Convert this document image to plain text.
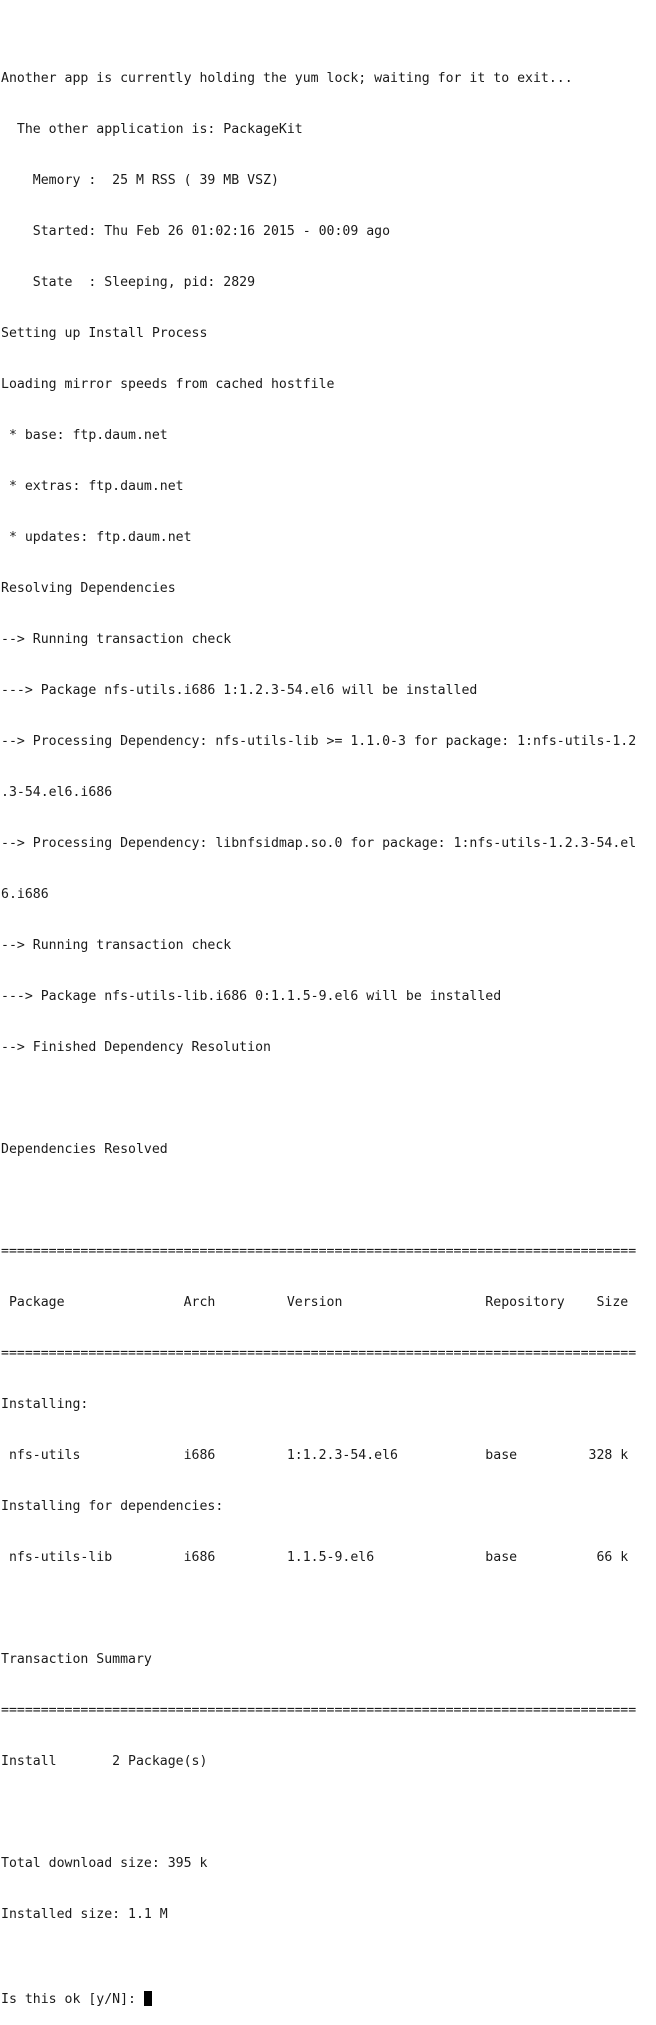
Another app is currently holding the yum lock; waiting for it to exit...

The other application is: PackageKit

Memory :  25 M RSS ( 39 MB VSZ)

Started: Thu Feb 26 01:02:16 2015 - 00:09 ago

State  : Sleeping, pid: 2829

Setting up Install Process

Loading mirror speeds from cached hostfile

* base: ftp.daum.net

* extras: ftp.daum.net

* updates: ftp.daum.net

Resolving Dependencies

--> Running transaction check

---> Package nfs-utils.i686 1:1.2.3-54.el6 will be installed

--> Processing Dependency: nfs-utils-lib >= 1.1.0-3 for package: 1:nfs-utils-1.2

.3-54.el6.i686

--> Processing Dependency: libnfsidmap.so.0 for package: 1:nfs-utils-1.2.3-54.el

6.i686

--> Running transaction check

---> Package nfs-utils-lib.i686 0:1.1.5-9.el6 will be installed

--> Finished Dependency Resolution

Dependencies Resolved

================================================================================

Package               Arch         Version                  Repository    Size

================================================================================

Installing:

nfs-utils             i686         1:1.2.3-54.el6           base         328 k

Installing for dependencies:

nfs-utils-lib         i686         1.1.5-9.el6              base          66 k

Transaction Summary

================================================================================

Install       2 Package(s)

Total download size: 395 k

Installed size: 1.1 M

Is this ok [y/N]:
